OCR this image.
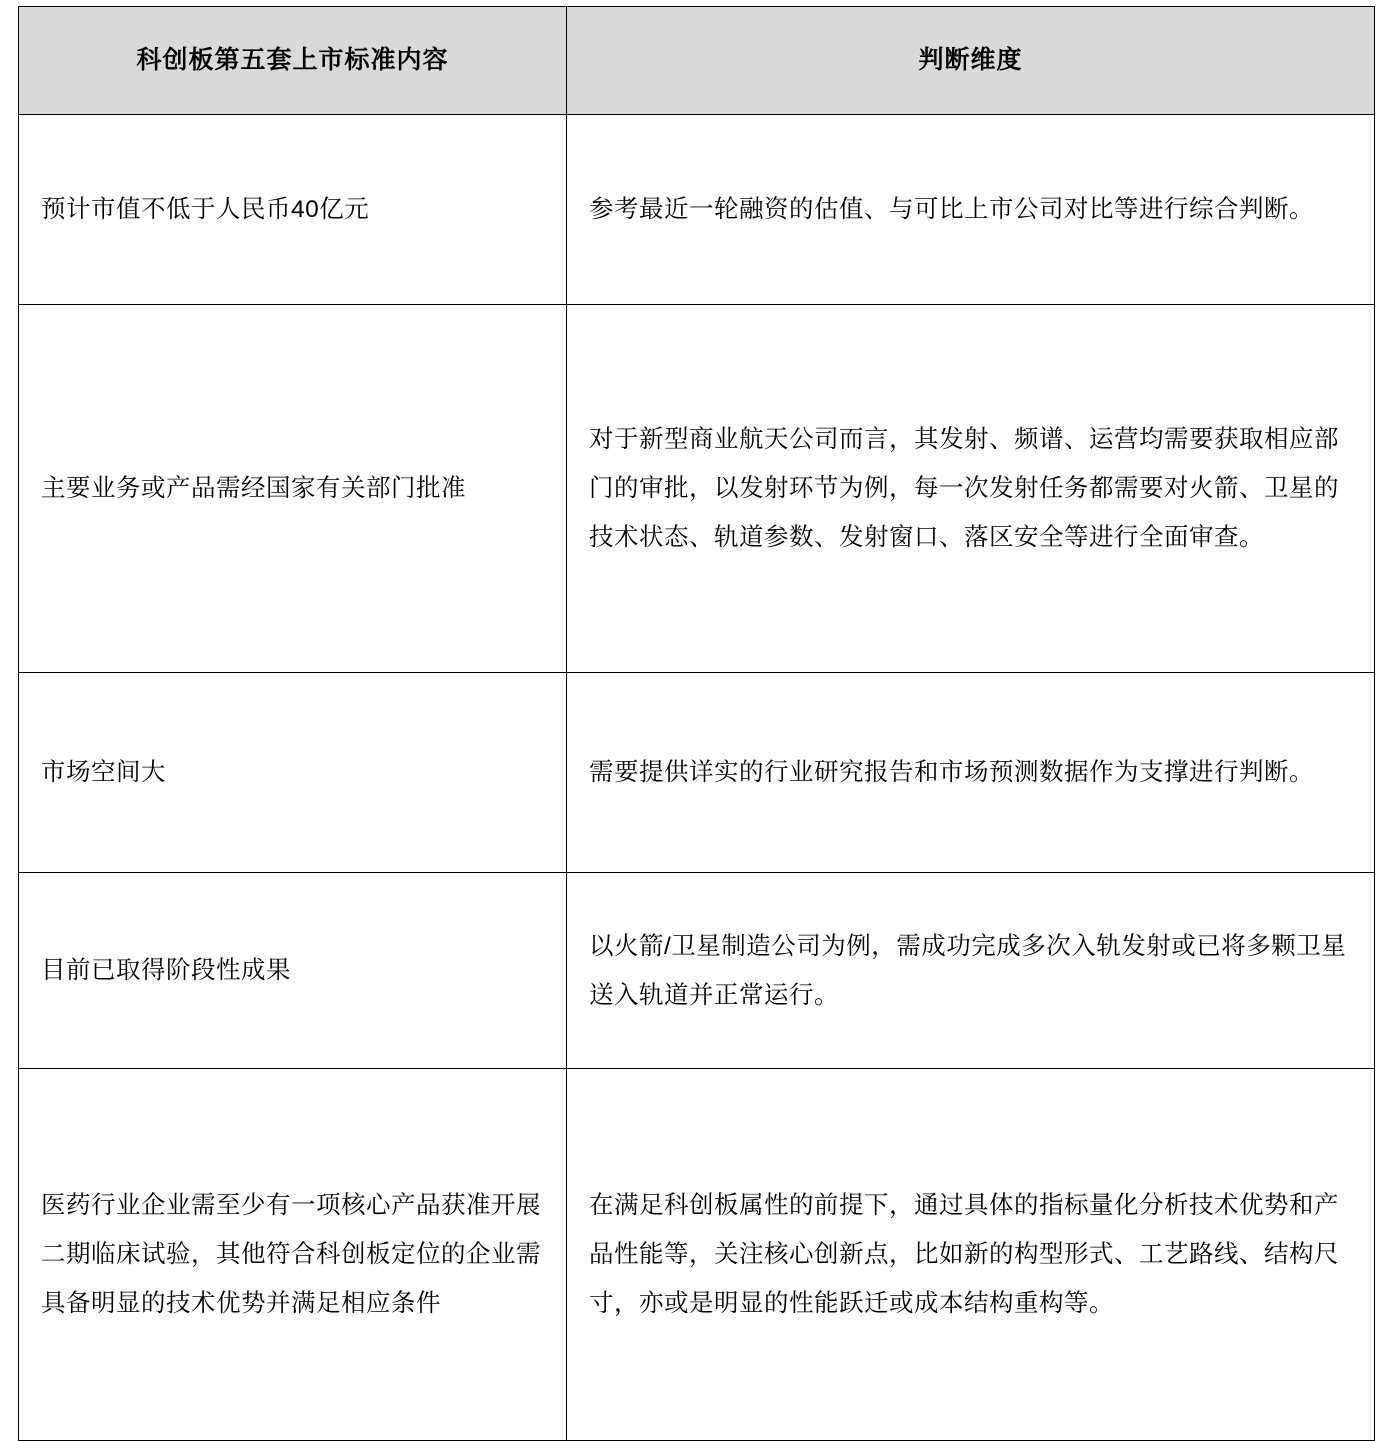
科创板第五套上市标准内容	判断维度
预计市值不低于人民币40亿元	参考最近一轮融资的估值、与可比上市公司对比等进行综合判断。
主要业务或产品需经国家有关部门批准	对于新型商业航天公司而言，其发射、频谱、运营均需要获取相应部门的审批，以发射环节为例，每一次发射任务都需要对火箭、卫星的技术状态、轨道参数、发射窗口、落区安全等进行全面审查。
市场空间大	需要提供详实的行业研究报告和市场预测数据作为支撑进行判断。
目前已取得阶段性成果	以火箭/卫星制造公司为例，需成功完成多次入轨发射或已将多颗卫星送入轨道并正常运行。
医药行业企业需至少有一项核心产品获准开展二期临床试验，其他符合科创板定位的企业需具备明显的技术优势并满足相应条件	在满足科创板属性的前提下，通过具体的指标量化分析技术优势和产品性能等，关注核心创新点，比如新的构型形式、工艺路线、结构尺寸，亦或是明显的性能跃迁或成本结构重构等。
